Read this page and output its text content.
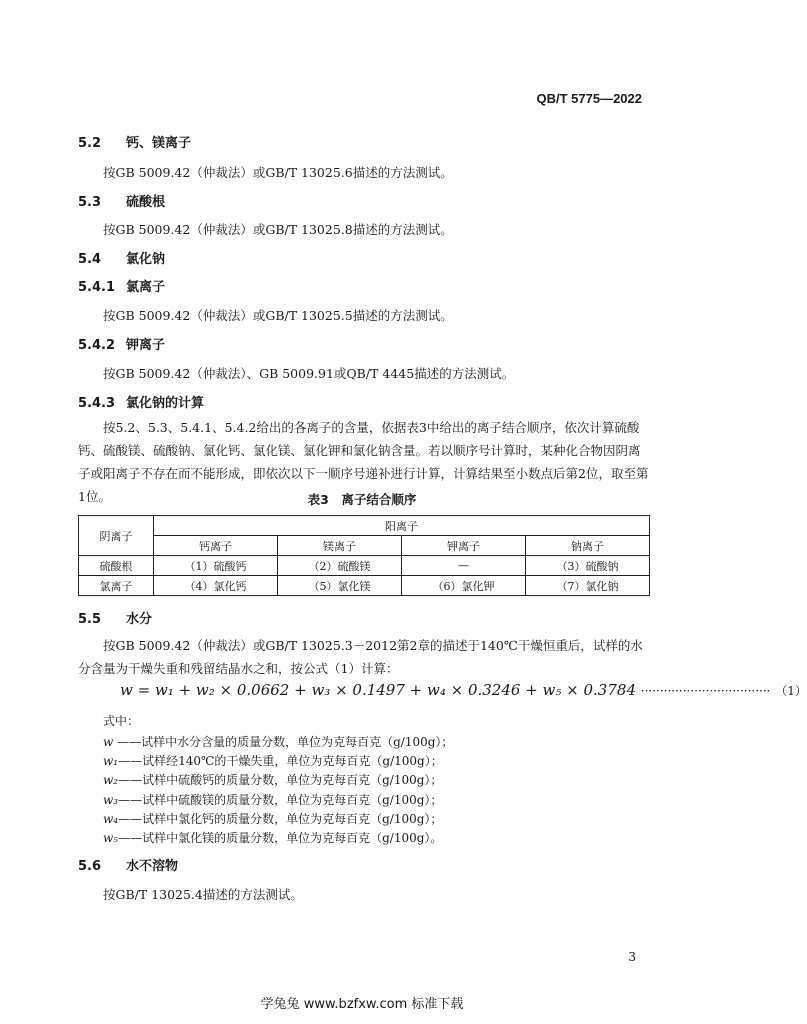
QB/T 5775—2022
5.2 钙、镁离子
按GB 5009.42（仲裁法）或GB/T 13025.6描述的方法测试。
5.3 硫酸根
按GB 5009.42（仲裁法）或GB/T 13025.8描述的方法测试。
5.4 氯化钠
5.4.1 氯离子
按GB 5009.42（仲裁法）或GB/T 13025.5描述的方法测试。
5.4.2 钾离子
按GB 5009.42（仲裁法）、GB 5009.91或QB/T 4445描述的方法测试。
5.4.3 氯化钠的计算
按5.2、5.3、5.4.1、5.4.2给出的各离子的含量，依据表3中给出的离子结合顺序，依次计算硫酸钙、硫酸镁、硫酸钠、氯化钙、氯化镁、氯化钾和氯化钠含量。若以顺序号计算时，某种化合物因阴离子或阳离子不存在而不能形成，即依次以下一顺序号递补进行计算，计算结果至小数点后第2位，取至第1位。	表3　离子结合顺序
阴离子	阳离子			
	钙离子	镁离子	钾离子	钠离子
硫酸根	（1）硫酸钙	（2）硫酸镁	—	（3）硫酸钠
氯离子	（4）氯化钙	（5）氯化镁	（6）氯化钾	（7）氯化钠
5.5 水分
按GB 5009.42（仲裁法）或GB/T 13025.3－2012第2章的描述于140℃干燥恒重后，试样的水分含量为干燥失重和残留结晶水之和，按公式（1）计算：
w = w₁ + w₂ × 0.0662 + w₃ × 0.1497 + w₄ × 0.3246 + w₅ × 0.3784 ·································· （1）
式中：
w ——试样中水分含量的质量分数，单位为克每百克（g/100g）；
w₁——试样经140℃的干燥失重，单位为克每百克（g/100g）；
w₂——试样中硫酸钙的质量分数，单位为克每百克（g/100g）；
w₃——试样中硫酸镁的质量分数，单位为克每百克（g/100g）；
w₄——试样中氯化钙的质量分数，单位为克每百克（g/100g）；
w₅——试样中氯化镁的质量分数，单位为克每百克（g/100g）。
5.6 水不溶物
按GB/T 13025.4描述的方法测试。
3
学兔兔 www.bzfxw.com 标准下载
